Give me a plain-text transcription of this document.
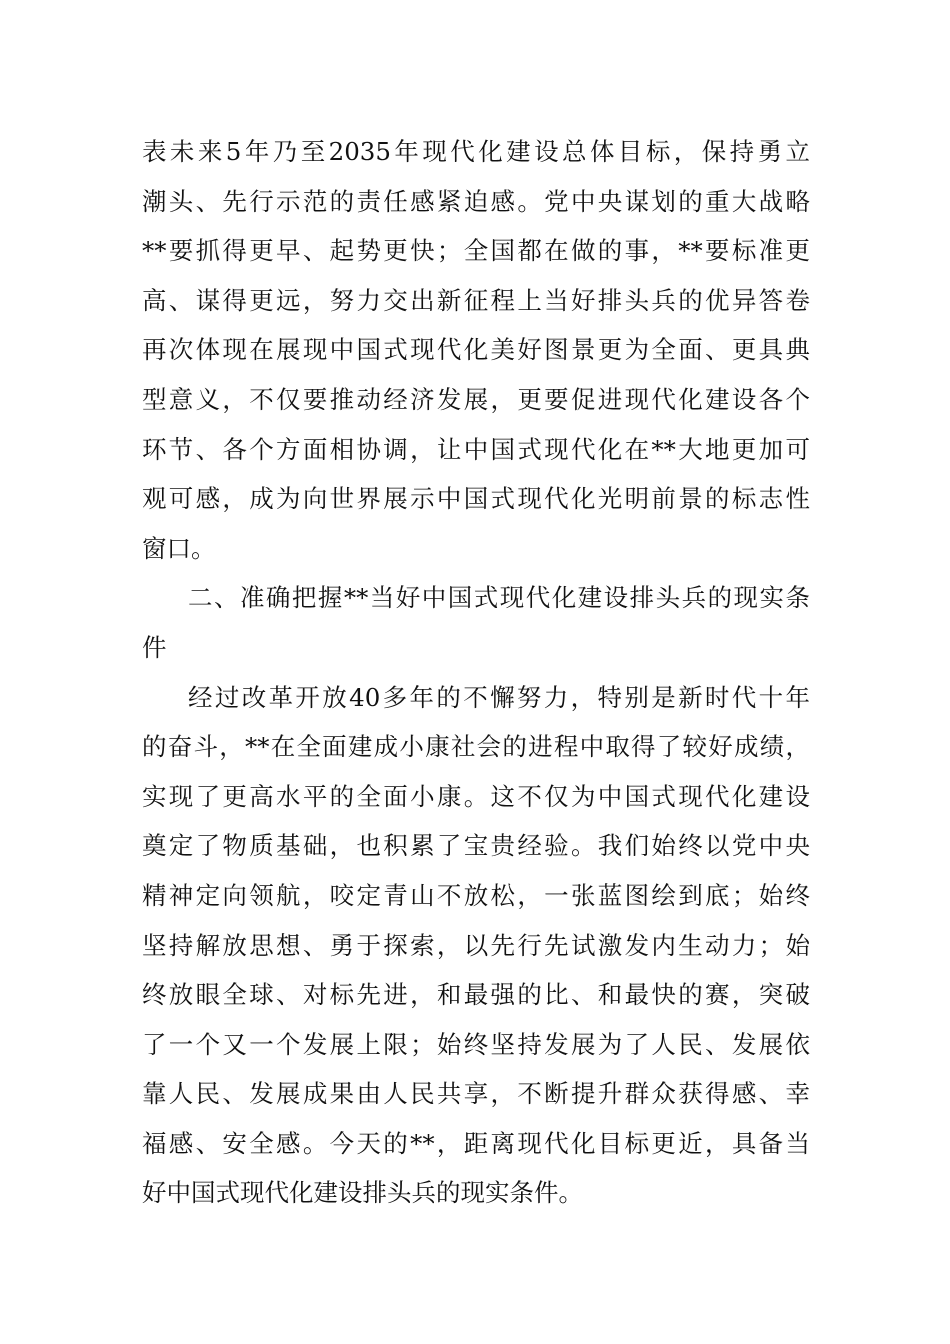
表未来5年乃至2035年现代化建设总体目标，保持勇立
潮头、先行示范的责任感紧迫感。党中央谋划的重大战略
**要抓得更早、起势更快；全国都在做的事，**要标准更
高、谋得更远，努力交出新征程上当好排头兵的优异答卷
再次体现在展现中国式现代化美好图景更为全面、更具典
型意义，不仅要推动经济发展，更要促进现代化建设各个
环节、各个方面相协调，让中国式现代化在**大地更加可
观可感，成为向世界展示中国式现代化光明前景的标志性
窗口。
二、准确把握**当好中国式现代化建设排头兵的现实条
件
经过改革开放40多年的不懈努力，特别是新时代十年
的奋斗，**在全面建成小康社会的进程中取得了较好成绩，
实现了更高水平的全面小康。这不仅为中国式现代化建设
奠定了物质基础，也积累了宝贵经验。我们始终以党中央
精神定向领航，咬定青山不放松，一张蓝图绘到底；始终
坚持解放思想、勇于探索，以先行先试激发内生动力；始
终放眼全球、对标先进，和最强的比、和最快的赛，突破
了一个又一个发展上限；始终坚持发展为了人民、发展依
靠人民、发展成果由人民共享，不断提升群众获得感、幸
福感、安全感。今天的**，距离现代化目标更近，具备当
好中国式现代化建设排头兵的现实条件。
